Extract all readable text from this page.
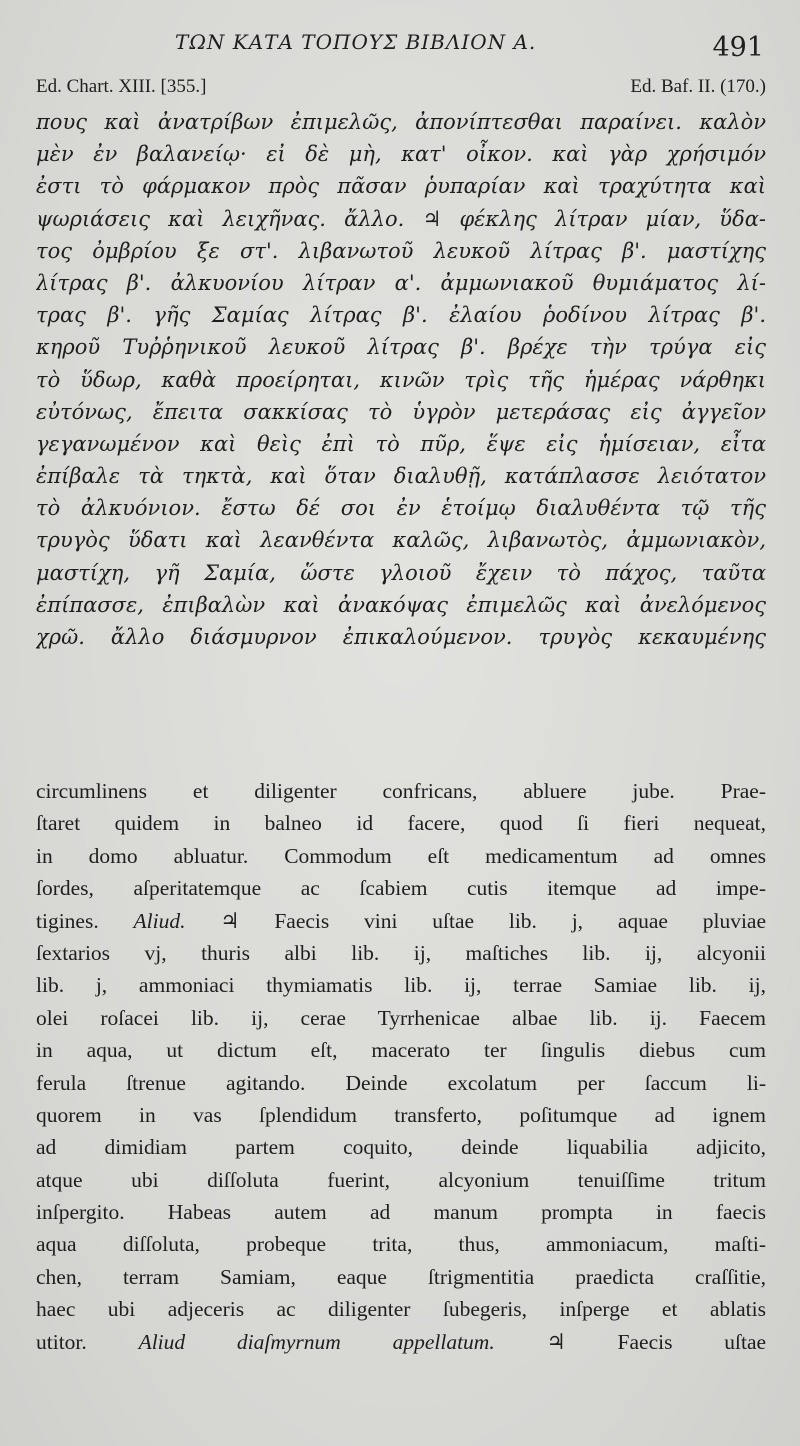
ΤΩΝ ΚΑΤΑ ΤΟΠΟΥΣ ΒΙΒΛΙΟΝ Α.	491
Ed. Chart. XIII. [355.]	Ed. Baf. II. (170.)
πους καὶ ἀνατρίβων ἐπιμελῶς, ἀπονίπτεσθαι παραίνει. καλὸν
μὲν ἐν βαλανείῳ· εἰ δὲ μὴ, κατ' οἶκον. καὶ γὰρ χρήσιμόν
ἐστι τὸ φάρμακον πρὸς πᾶσαν ῥυπαρίαν καὶ τραχύτητα καὶ
ψωριάσεις καὶ λειχῆνας. ἄλλο. ♃ φέκλης λίτραν μίαν, ὕδα-
τος ὀμβρίου ξε στ'. λιβανωτοῦ λευκοῦ λίτρας β'. μαστίχης
λίτρας β'. ἀλκυονίου λίτραν α'. ἀμμωνιακοῦ θυμιάματος λί-
τρας β'. γῆς Σαμίας λίτρας β'. ἐλαίου ῥοδίνου λίτρας β'.
κηροῦ Τυῤῥηνικοῦ λευκοῦ λίτρας β'. βρέχε τὴν τρύγα εἰς
τὸ ὕδωρ, καθὰ προείρηται, κινῶν τρὶς τῆς ἡμέρας νάρθηκι
εὐτόνως, ἔπειτα σακκίσας τὸ ὑγρὸν μετεράσας εἰς ἀγγεῖον
γεγανωμένον καὶ θεὶς ἐπὶ τὸ πῦρ, ἕψε εἰς ἡμίσειαν, εἶτα
ἐπίβαλε τὰ τηκτὰ, καὶ ὅταν διαλυθῇ, κατάπλασσε λειότατον
τὸ ἀλκυόνιον. ἔστω δέ σοι ἐν ἑτοίμῳ διαλυθέντα τῷ τῆς
τρυγὸς ὕδατι καὶ λεανθέντα καλῶς, λιβανωτὸς, ἀμμωνιακὸν,
μαστίχη, γῆ Σαμία, ὥστε γλοιοῦ ἔχειν τὸ πάχος, ταῦτα
ἐπίπασσε, ἐπιβαλὼν καὶ ἀνακόψας ἐπιμελῶς καὶ ἀνελόμενος
χρῶ. ἄλλο διάσμυρνον ἐπικαλούμενον. τρυγὸς κεκαυμένης
circumlinens et diligenter confricans, abluere jube. Prae-
ſtaret quidem in balneo id facere, quod ſi fieri nequeat,
in domo abluatur. Commodum eſt medicamentum ad omnes
ſordes, aſperitatemque ac ſcabiem cutis itemque ad impe-
tigines. Aliud. ♃ Faecis vini uſtae lib. j, aquae pluviae
ſextarios vj, thuris albi lib. ij, maſtiches lib. ij, alcyonii
lib. j, ammoniaci thymiamatis lib. ij, terrae Samiae lib. ij,
olei roſacei lib. ij, cerae Tyrrhenicae albae lib. ij. Faecem
in aqua, ut dictum eſt, macerato ter ſingulis diebus cum
ferula ſtrenue agitando. Deinde excolatum per ſaccum li-
quorem in vas ſplendidum transferto, poſitumque ad ignem
ad dimidiam partem coquito, deinde liquabilia adjicito,
atque ubi diſſoluta fuerint, alcyonium tenuiſſime tritum
inſpergito. Habeas autem ad manum prompta in faecis
aqua diſſoluta, probeque trita, thus, ammoniacum, maſti-
chen, terram Samiam, eaque ſtrigmentitia praedicta craſſitie,
haec ubi adjeceris ac diligenter ſubegeris, inſperge et ablatis
utitor. Aliud diaſmyrnum appellatum. ♃ Faecis uſtae
